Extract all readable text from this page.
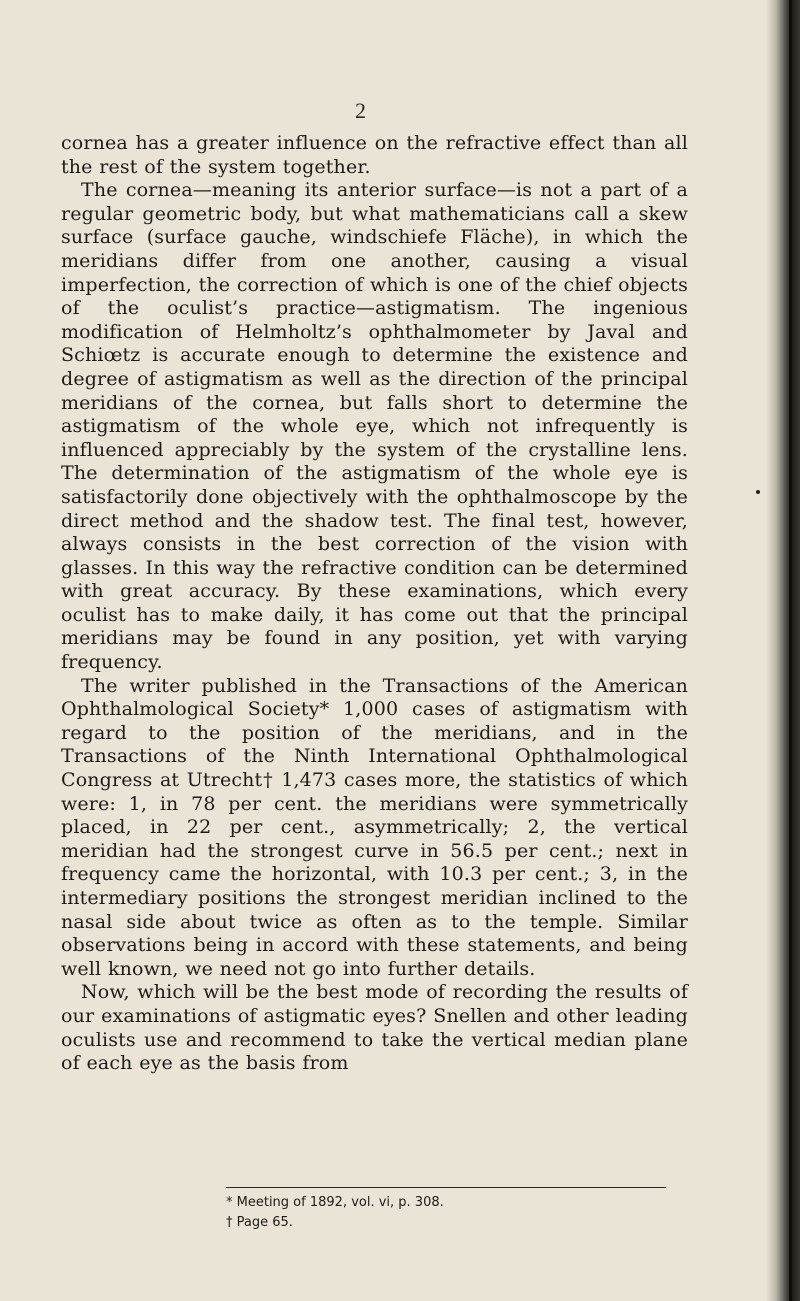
2

cornea has a greater influence on the refractive effect than all the rest of the system together.

The cornea—meaning its anterior surface—is not a part of a regular geometric body, but what mathematicians call a skew surface (surface gauche, windschiefe Fläche), in which the meridians differ from one another, causing a visual imperfection, the correction of which is one of the chief objects of the oculist’s practice—astigmatism. The ingenious modification of Helmholtz’s ophthalmometer by Javal and Schiœtz is accurate enough to determine the existence and degree of astigmatism as well as the direction of the principal meridians of the cornea, but falls short to determine the astigmatism of the whole eye, which not infrequently is influenced appreciably by the system of the crystalline lens. The determination of the astigmatism of the whole eye is satisfactorily done objectively with the ophthalmoscope by the direct method and the shadow test. The final test, however, always consists in the best correction of the vision with glasses. In this way the refractive condition can be determined with great accuracy. By these examinations, which every oculist has to make daily, it has come out that the principal meridians may be found in any position, yet with varying frequency.

The writer published in the Transactions of the American Ophthalmological Society* 1,000 cases of astigmatism with regard to the position of the meridians, and in the Transactions of the Ninth International Ophthalmological Congress at Utrecht† 1,473 cases more, the statistics of which were: 1, in 78 per cent. the meridians were symmetrically placed, in 22 per cent., asymmetrically; 2, the vertical meridian had the strongest curve in 56.5 per cent.; next in frequency came the horizontal, with 10.3 per cent.; 3, in the intermediary positions the strongest meridian inclined to the nasal side about twice as often as to the temple. Similar observations being in accord with these statements, and being well known, we need not go into further details.

Now, which will be the best mode of recording the results of our examinations of astigmatic eyes? Snellen and other leading oculists use and recommend to take the vertical median plane of each eye as the basis from

* Meeting of 1892, vol. vi, p. 308.
† Page 65.
